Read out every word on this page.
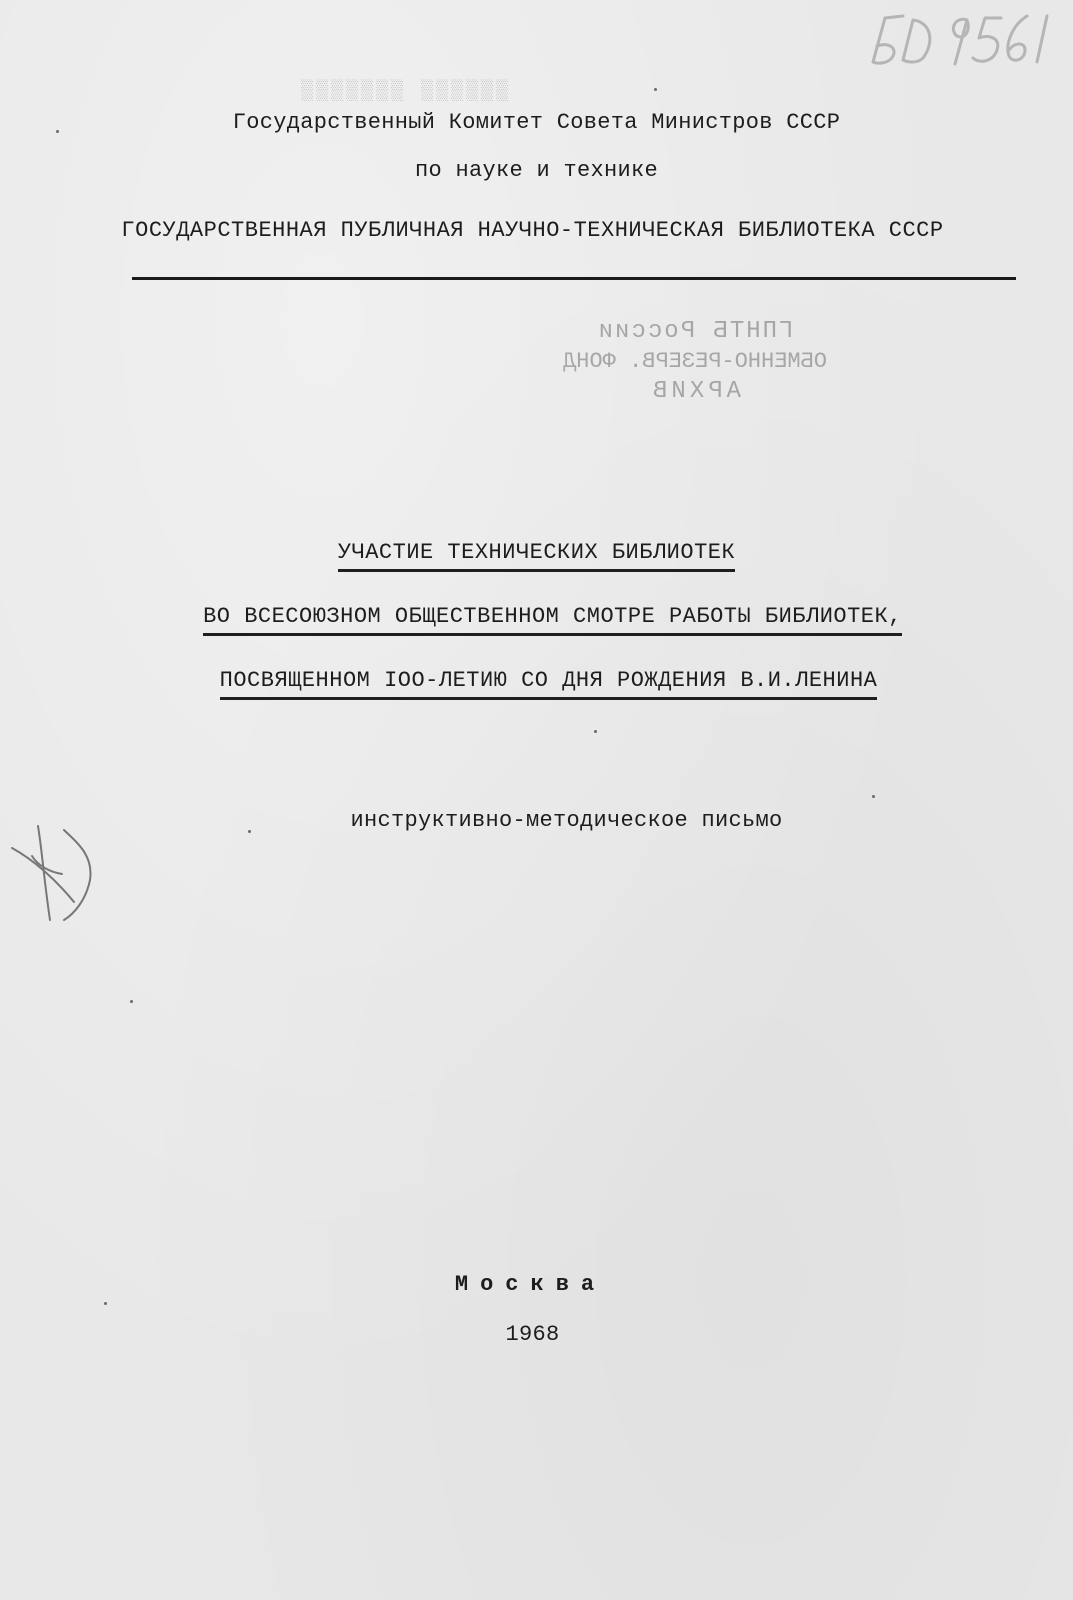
▒▒▒▒▒▒ ▒▒▒▒▒▒▒
Государственный Комитет Совета Министров СССР
по науке и технике
ГОСУДАРСТВЕННАЯ ПУБЛИЧНАЯ НАУЧНО-ТЕХНИЧЕСКАЯ БИБЛИОТЕКА СССР
ГПНТБ России
ОБМЕННО-РЕЗЕРВ. ФОНД
АРХИВ
УЧАСТИЕ ТЕХНИЧЕСКИХ БИБЛИОТЕК
ВО ВСЕСОЮЗНОМ ОБЩЕСТВЕННОМ СМОТРЕ РАБОТЫ БИБЛИОТЕК,
ПОСВЯЩЕННОМ IOO-ЛЕТИЮ СО ДНЯ РОЖДЕНИЯ В.И.ЛЕНИНА
инструктивно-методическое письмо
Москва
1968
